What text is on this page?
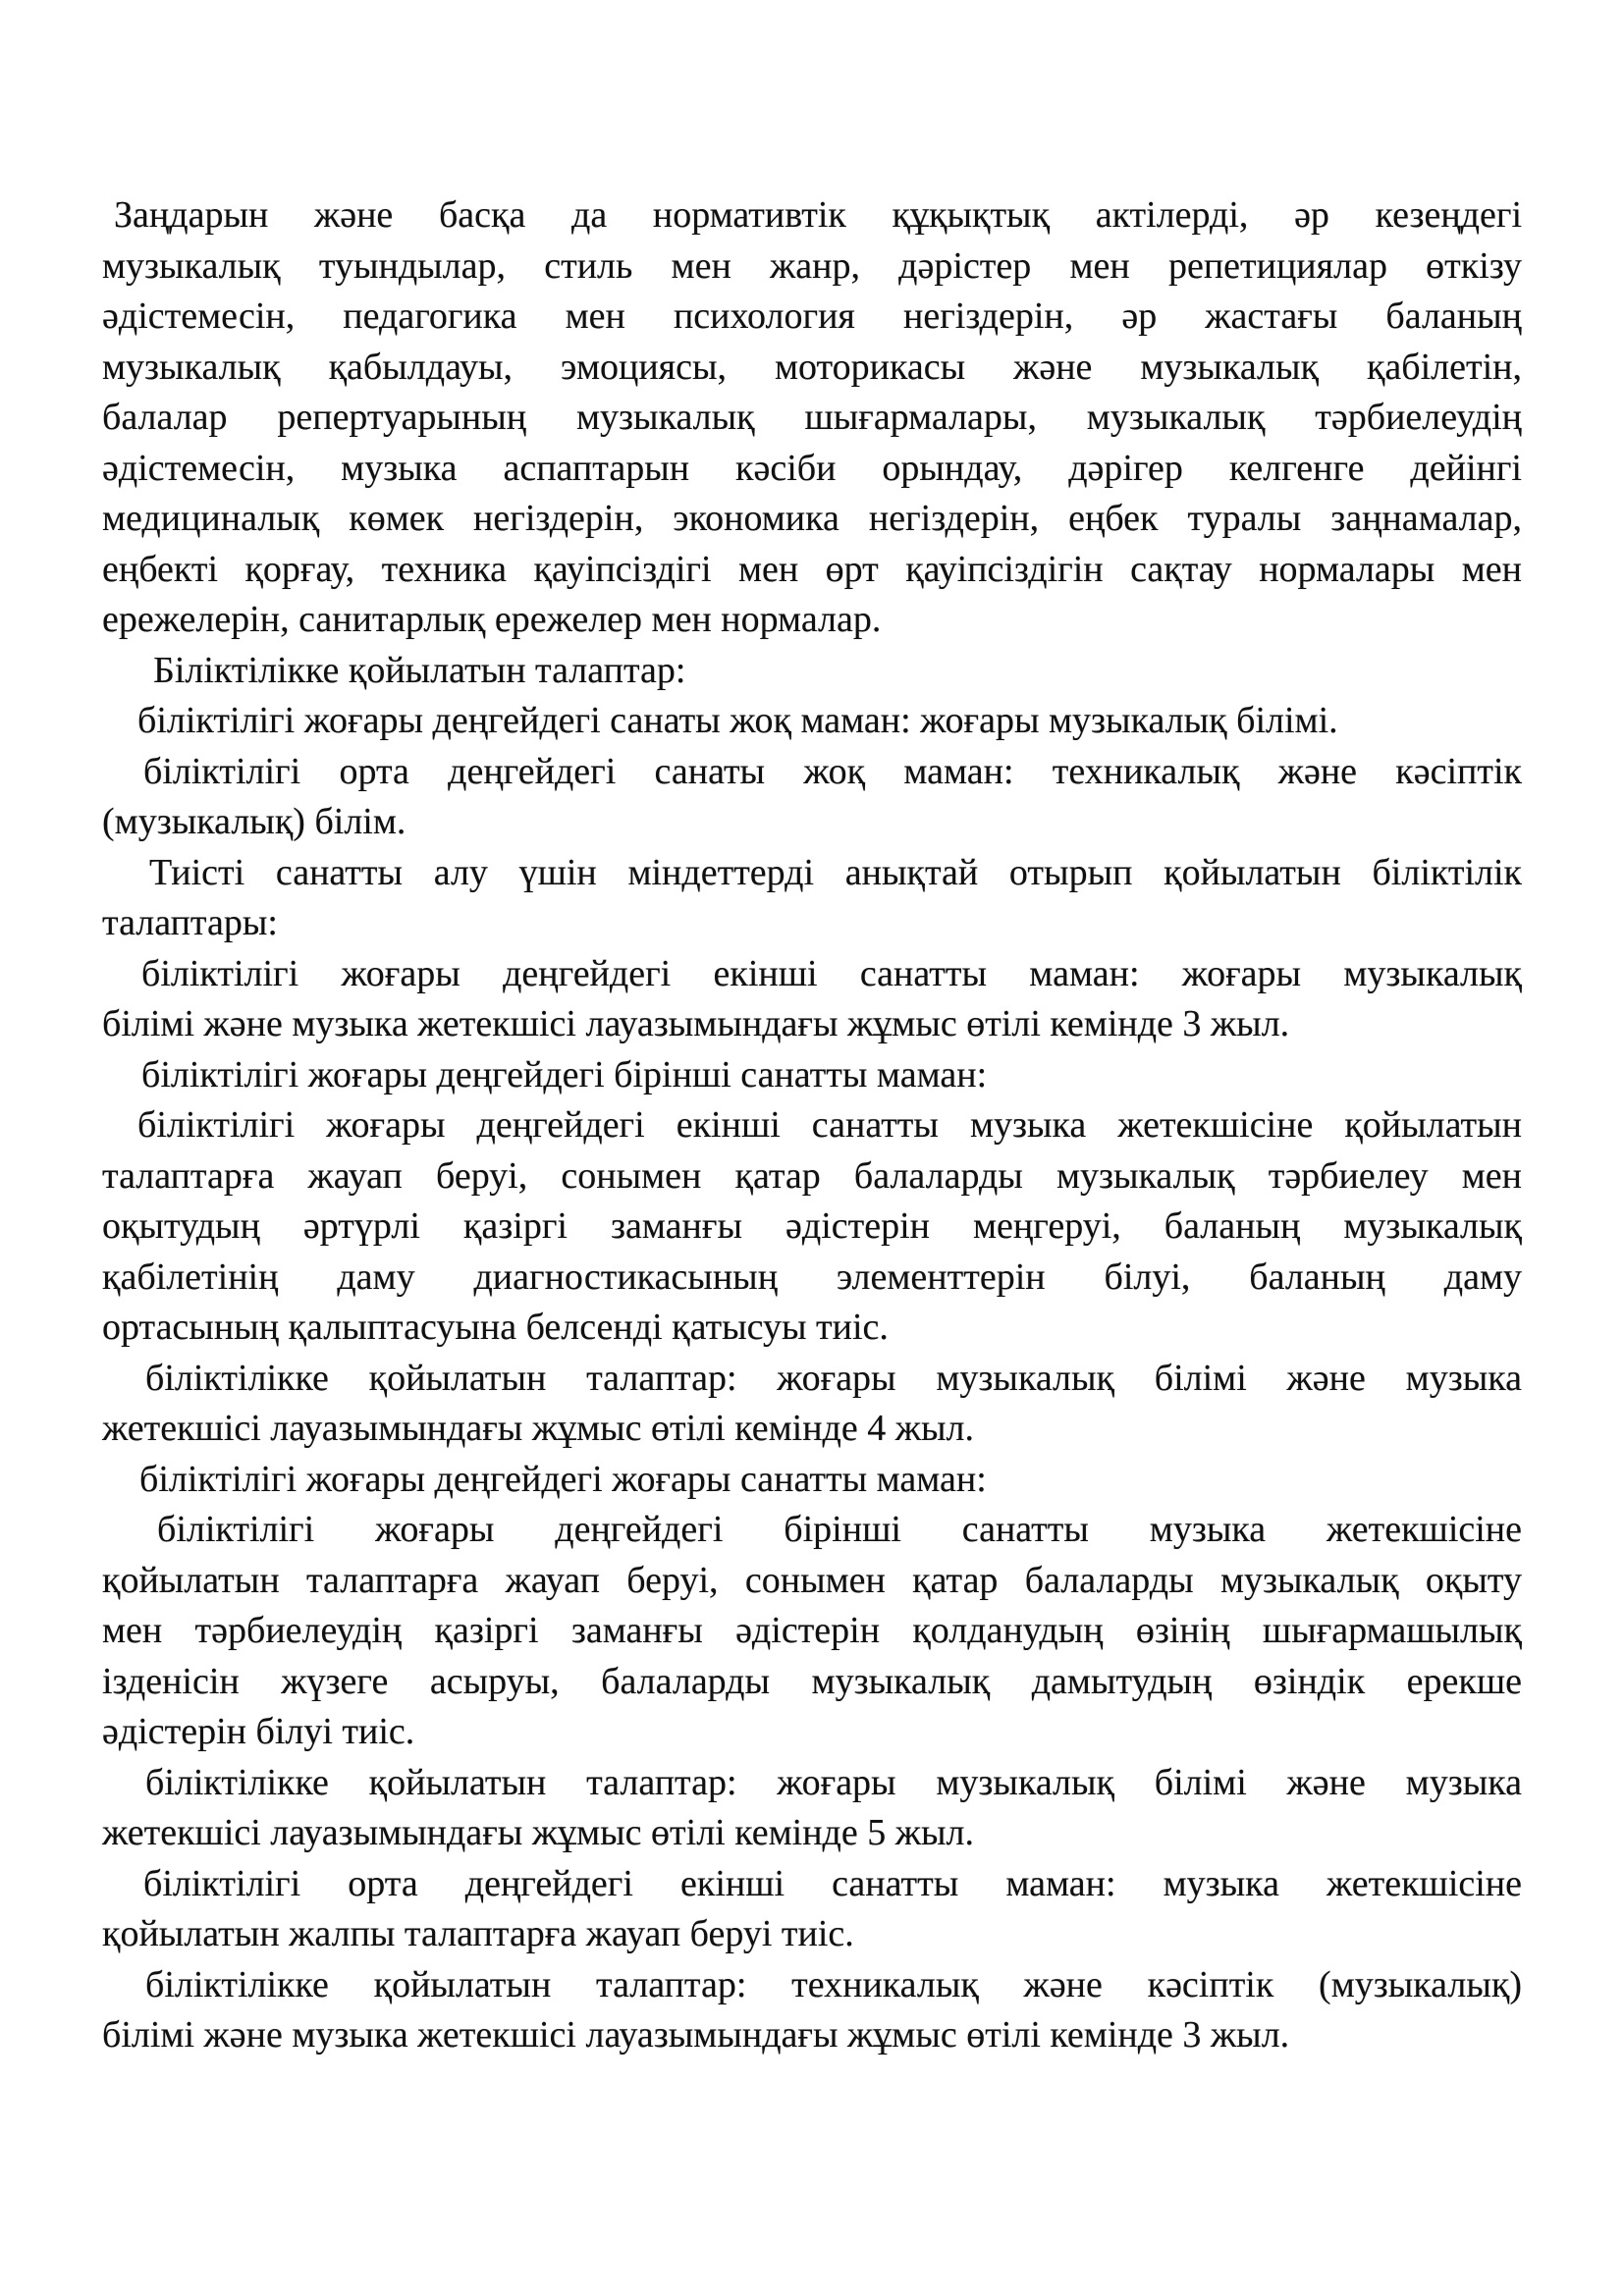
Заңдарын және басқа да нормативтік құқықтық актілерді, әр кезеңдегі
музыкалық туындылар, стиль мен жанр, дәрістер мен репетициялар өткізу
әдістемесін, педагогика мен психология негіздерін, әр жастағы баланың
музыкалық қабылдауы, эмоциясы, моторикасы және музыкалық қабілетін,
балалар репертуарының музыкалық шығармалары, музыкалық тәрбиелеудің
әдістемесін, музыка аспаптарын кәсіби орындау, дәрігер келгенге дейінгі
медициналық көмек негіздерін, экономика негіздерін, еңбек туралы заңнамалар,
еңбекті қорғау, техника қауіпсіздігі мен өрт қауіпсіздігін сақтау нормалары мен
ережелерін, санитарлық ережелер мен нормалар.
Біліктілікке қойылатын талаптар:
біліктілігі жоғары деңгейдегі санаты жоқ маман: жоғары музыкалық білімі.
біліктілігі орта деңгейдегі санаты жоқ маман: техникалық және кәсіптік
(музыкалық) білім.
Тиісті санатты алу үшін міндеттерді анықтай отырып қойылатын біліктілік
талаптары:
біліктілігі жоғары деңгейдегі екінші санатты маман: жоғары музыкалық
білімі және музыка жетекшісі лауазымындағы жұмыс өтілі кемінде 3 жыл.
біліктілігі жоғары деңгейдегі бірінші санатты маман:
біліктілігі жоғары деңгейдегі екінші санатты музыка жетекшісіне қойылатын
талаптарға жауап беруі, сонымен қатар балаларды музыкалық тәрбиелеу мен
оқытудың әртүрлі қазіргі заманғы әдістерін меңгеруі, баланың музыкалық
қабілетінің даму диагностикасының элементтерін білуі, баланың даму
ортасының қалыптасуына белсенді қатысуы тиіс.
біліктілікке қойылатын талаптар: жоғары музыкалық білімі және музыка
жетекшісі лауазымындағы жұмыс өтілі кемінде 4 жыл.
біліктілігі жоғары деңгейдегі жоғары санатты маман:
біліктілігі жоғары деңгейдегі бірінші санатты музыка жетекшісіне
қойылатын талаптарға жауап беруі, сонымен қатар балаларды музыкалық оқыту
мен тәрбиелеудің қазіргі заманғы әдістерін қолданудың өзінің шығармашылық
ізденісін жүзеге асыруы, балаларды музыкалық дамытудың өзіндік ерекше
әдістерін білуі тиіс.
біліктілікке қойылатын талаптар: жоғары музыкалық білімі және музыка
жетекшісі лауазымындағы жұмыс өтілі кемінде 5 жыл.
біліктілігі орта деңгейдегі екінші санатты маман: музыка жетекшісіне
қойылатын жалпы талаптарға жауап беруі тиіс.
біліктілікке қойылатын талаптар: техникалық және кәсіптік (музыкалық)
білімі және музыка жетекшісі лауазымындағы жұмыс өтілі кемінде 3 жыл.
